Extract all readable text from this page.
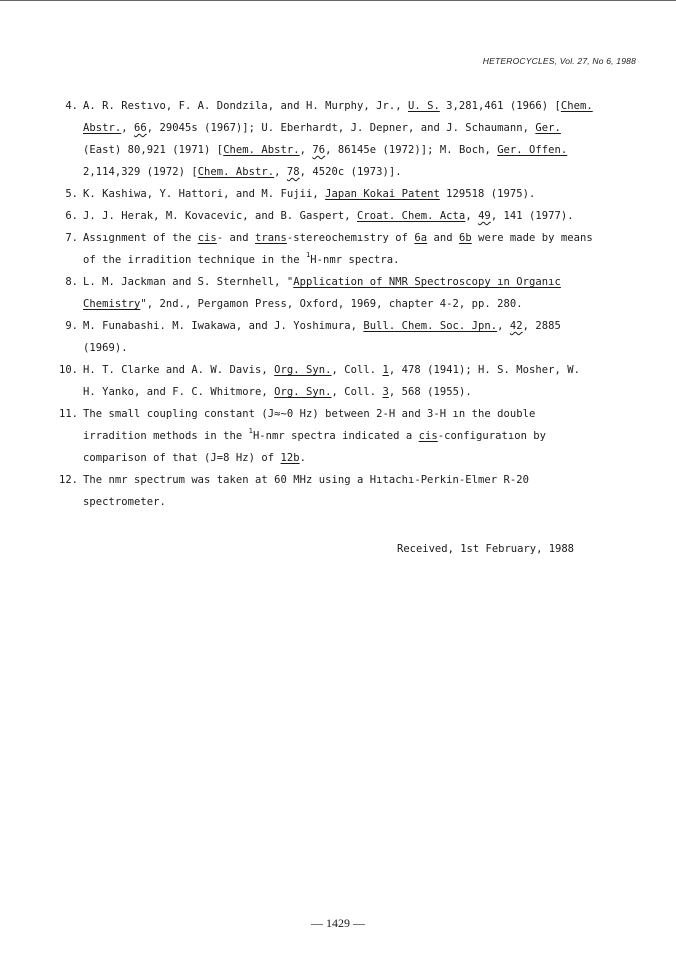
HETEROCYCLES, Vol. 27, No 6, 1988
4. A. R. Restıvo, F. A. Dondzila, and H. Murphy, Jr., U. S. 3,281,461 (1966) [Chem.
Abstr., 66, 29045s (1967)]; U. Eberhardt, J. Depner, and J. Schaumann, Ger.
(East) 80,921 (1971) [Chem. Abstr., 76, 86145e (1972)]; M. Boch, Ger. Offen.
2,114,329 (1972) [Chem. Abstr., 78, 4520c (1973)].
5. K. Kashiwa, Y. Hattori, and M. Fujii, Japan Kokai Patent 129518 (1975).
6. J. J. Herak, M. Kovacevic, and B. Gaspert, Croat. Chem. Acta, 49, 141 (1977).
7. Assıgnment of the cis- and trans-stereochemıstry of 6a and 6b were made by means
of the irradition technique in the $^1$H-nmr spectra.
8. L. M. Jackman and S. Sternhell, "Application of NMR Spectroscopy ın Organıc
Chemistry", 2nd., Pergamon Press, Oxford, 1969, chapter 4-2, pp. 280.
9. M. Funabashi. M. Iwakawa, and J. Yoshimura, Bull. Chem. Soc. Jpn., 42, 2885
(1969).
10. H. T. Clarke and A. W. Davis, Org. Syn., Coll. 1, 478 (1941); H. S. Mosher, W.
H. Yanko, and F. C. Whitmore, Org. Syn., Coll. 3, 568 (1955).
11. The small coupling constant (J≈~0 Hz) between 2-H and 3-H ın the double
irradition methods in the $^1$H-nmr spectra indicated a cis-configuratıon by
comparison of that (J=8 Hz) of 12b.
12. The nmr spectrum was taken at 60 MHz using a Hıtachı-Perkin-Elmer R-20
spectrometer.
Received, 1st February, 1988
— 1429 —
